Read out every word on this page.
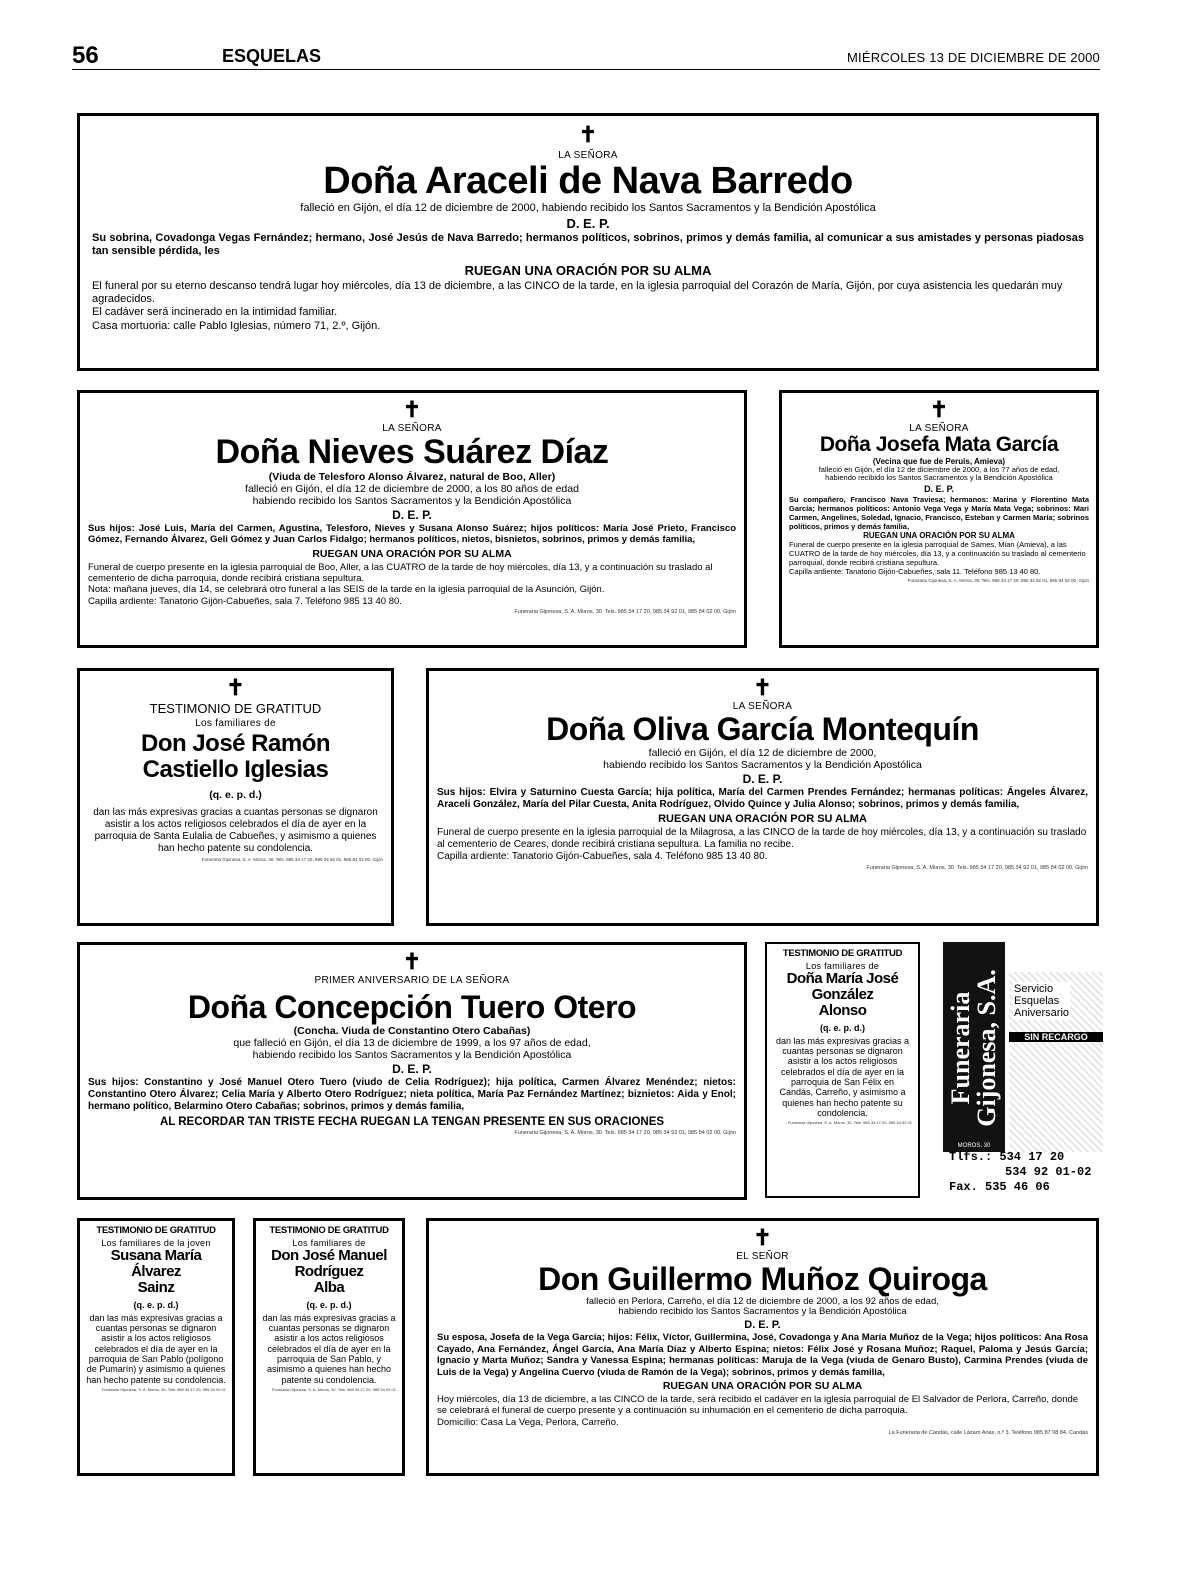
56	ESQUELAS	MIÉRCOLES 13 DE DICIEMBRE DE 2000
✝
LA SEÑORA
Doña Araceli de Nava Barredo
falleció en Gijón, el día 12 de diciembre de 2000, habiendo recibido los Santos Sacramentos y la Bendición Apostólica
D. E. P.
Su sobrina, Covadonga Vegas Fernández; hermano, José Jesús de Nava Barredo; hermanos políticos, sobrinos, primos y demás familia, al comunicar a sus amistades y personas piadosas tan sensible pérdida, les
RUEGAN UNA ORACIÓN POR SU ALMA
El funeral por su eterno descanso tendrá lugar hoy miércoles, día 13 de diciembre, a las CINCO de la tarde, en la iglesia parroquial del Corazón de María, Gijón, por cuya asistencia les quedarán muy agradecidos.
El cadáver será incinerado en la intimidad familiar.
Casa mortuoria: calle Pablo Iglesias, número 71, 2.º, Gijón.
✝
LA SEÑORA
Doña Nieves Suárez Díaz
(Viuda de Telesforo Alonso Álvarez, natural de Boo, Aller)
falleció en Gijón, el día 12 de diciembre de 2000, a los 80 años de edad
habiendo recibido los Santos Sacramentos y la Bendición Apostólica
D. E. P.
Sus hijos: José Luis, María del Carmen, Agustina, Telesforo, Nieves y Susana Alonso Suárez; hijos políticos: María José Prieto, Francisco Gómez, Fernando Álvarez, Geli Gómez y Juan Carlos Fidalgo; hermanos políticos, nietos, bisnietos, sobrinos, primos y demás familia,
RUEGAN UNA ORACIÓN POR SU ALMA
Funeral de cuerpo presente en la iglesia parroquial de Boo, Aller, a las CUATRO de la tarde de hoy miércoles, día 13, y a continuación su traslado al cementerio de dicha parroquia, donde recibirá cristiana sepultura.
Nota: mañana jueves, día 14, se celebrará otro funeral a las SEIS de la tarde en la iglesia parroquial de la Asunción, Gijón.
Capilla ardiente: Tanatorio Gijón-Cabueñes, sala 7. Teléfono 985 13 40 80.
Funeraria Gijonesa, S. A. Moros, 30. Tels. 985 34 17 20, 985 34 92 01, 985 84 02 00, Gijón
✝
LA SEÑORA
Doña Josefa Mata García
(Vecina que fue de Peruis, Amieva)
falleció en Gijón, el día 12 de diciembre de 2000, a los 77 años de edad,
habiendo recibido los Santos Sacramentos y la Bendición Apostólica
D. E. P.
Su compañero, Francisco Nava Traviesa; hermanos: Marina y Florentino Mata García; hermanos políticos: Antonio Vega Vega y María Mata Vega; sobrinos: Mari Carmen, Angelines, Soledad, Ignacio, Francisco, Esteban y Carmen María; sobrinos políticos, primos y demás familia,
RUEGAN UNA ORACIÓN POR SU ALMA
Funeral de cuerpo presente en la iglesia parroquial de Sames, Mian (Amieva), a las CUATRO de la tarde de hoy miércoles, día 13, y a continuación su traslado al cementerio parroquial, donde recibirá cristiana sepultura.
Capilla ardiente: Tanatorio Gijón-Cabueñes, sala 11. Teléfono 985 13 40 80.
Funeraria Gijonesa, S. A. Moros, 30. Tels. 985 34 17 20, 985 34 92 01, 985 84 02 00, Gijón
✝
TESTIMONIO DE GRATITUD
Los familiares de
Don José Ramón
Castiello Iglesias
(q. e. p. d.)
dan las más expresivas gracias a cuantas personas se dignaron asistir a los actos religiosos celebrados el día de ayer en la parroquia de Santa Eulalia de Cabueñes, y asimismo a quienes han hecho patente su condolencia.
Funeraria Gijonesa, S. A. Moros, 30. Tels. 985 34 17 20, 985 34 92 01, 985 84 02 00, Gijón
✝
LA SEÑORA
Doña Oliva García Montequín
falleció en Gijón, el día 12 de diciembre de 2000,
habiendo recibido los Santos Sacramentos y la Bendición Apostólica
D. E. P.
Sus hijos: Elvira y Saturnino Cuesta García; hija política, María del Carmen Prendes Fernández; hermanas políticas: Ángeles Álvarez, Araceli González, María del Pilar Cuesta, Anita Rodríguez, Olvido Quince y Julia Alonso; sobrinos, primos y demás familia,
RUEGAN UNA ORACIÓN POR SU ALMA
Funeral de cuerpo presente en la iglesia parroquial de la Milagrosa, a las CINCO de la tarde de hoy miércoles, día 13, y a continuación su traslado al cementerio de Ceares, donde recibirá cristiana sepultura. La familia no recibe.
Capilla ardiente: Tanatorio Gijón-Cabueñes, sala 4. Teléfono 985 13 40 80.
Funeraria Gijonesa, S. A. Moros, 30. Tels. 985 34 17 20, 985 34 92 01, 985 84 02 00, Gijón
✝
PRIMER ANIVERSARIO DE LA SEÑORA
Doña Concepción Tuero Otero
(Concha. Viuda de Constantino Otero Cabañas)
que falleció en Gijón, el día 13 de diciembre de 1999, a los 97 años de edad,
habiendo recibido los Santos Sacramentos y la Bendición Apostólica
D. E. P.
Sus hijos: Constantino y José Manuel Otero Tuero (viudo de Celia Rodríguez); hija política, Carmen Álvarez Menéndez; nietos: Constantino Otero Álvarez; Celia María y Alberto Otero Rodríguez; nieta política, María Paz Fernández Martínez; biznietos: Aida y Enol; hermano político, Belarmino Otero Cabañas; sobrinos, primos y demás familia,
AL RECORDAR TAN TRISTE FECHA RUEGAN LA TENGAN PRESENTE EN SUS ORACIONES
Funeraria Gijonesa, S. A. Moros, 30. Tels. 985 34 17 20, 985 34 92 01, 985 84 02 00, Gijón
TESTIMONIO DE GRATITUD
Los familiares de
Doña María José
González
Alonso
(q. e. p. d.)
dan las más expresivas gracias a cuantas personas se dignaron asistir a los actos religiosos celebrados el día de ayer en la parroquia de San Félix en Candás, Carreño, y asimismo a quienes han hecho patente su condolencia.
Funeraria Gijonesa, S. A. Moros, 30. Tels. 985 34 17 20, 985 34 92 01
Funeraria Gijonesa, S.A.
MOROS, 30
Servicio
Esquelas
Aniversario
SIN RECARGO
Tlfs.: 534 17 20
534 92 01-02
Fax. 535 46 06
TESTIMONIO DE GRATITUD
Los familiares de la joven
Susana María
Álvarez
Sainz
(q. e. p. d.)
dan las más expresivas gracias a cuantas personas se dignaron asistir a los actos religiosos celebrados el día de ayer en la parroquia de San Pablo (polígono de Pumarín) y asimismo a quienes han hecho patente su condolencia.
Funeraria Gijonesa, S. A. Moros, 30. Tels. 985 34 17 20, 985 34 92 01
TESTIMONIO DE GRATITUD
Los familiares de
Don José Manuel
Rodríguez
Alba
(q. e. p. d.)
dan las más expresivas gracias a cuantas personas se dignaron asistir a los actos religiosos celebrados el día de ayer en la parroquia de San Pablo, y asimismo a quienes han hecho patente su condolencia.
Funeraria Gijonesa, S. A. Moros, 30. Tels. 985 34 17 20, 985 34 92 01
✝
EL SEÑOR
Don Guillermo Muñoz Quiroga
falleció en Perlora, Carreño, el día 12 de diciembre de 2000, a los 92 años de edad,
habiendo recibido los Santos Sacramentos y la Bendición Apostólica
D. E. P.
Su esposa, Josefa de la Vega García; hijos: Félix, Víctor, Guillermina, José, Covadonga y Ana María Muñoz de la Vega; hijos políticos: Ana Rosa Cayado, Ana Fernández, Ángel García, Ana María Díaz y Alberto Espina; nietos: Félix José y Rosana Muñoz; Raquel, Paloma y Jesús García; Ignacio y Marta Muñoz; Sandra y Vanessa Espina; hermanas políticas: Maruja de la Vega (viuda de Genaro Busto), Carmina Prendes (viuda de Luis de la Vega) y Angelina Cuervo (viuda de Ramón de la Vega); sobrinos, primos y demás familia,
RUEGAN UNA ORACIÓN POR SU ALMA
Hoy miércoles, día 13 de diciembre, a las CINCO de la tarde, será recibido el cadáver en la iglesia parroquial de El Salvador de Perlora, Carreño, donde se celebrará el funeral de cuerpo presente y a continuación su inhumación en el cementerio de dicha parroquia.
Domicilio: Casa La Vega, Perlora, Carreño.
La Funeraria de Candás, calle Lázaro Arias, n.º 3. Teléfono 985 87 08 84. Candás
